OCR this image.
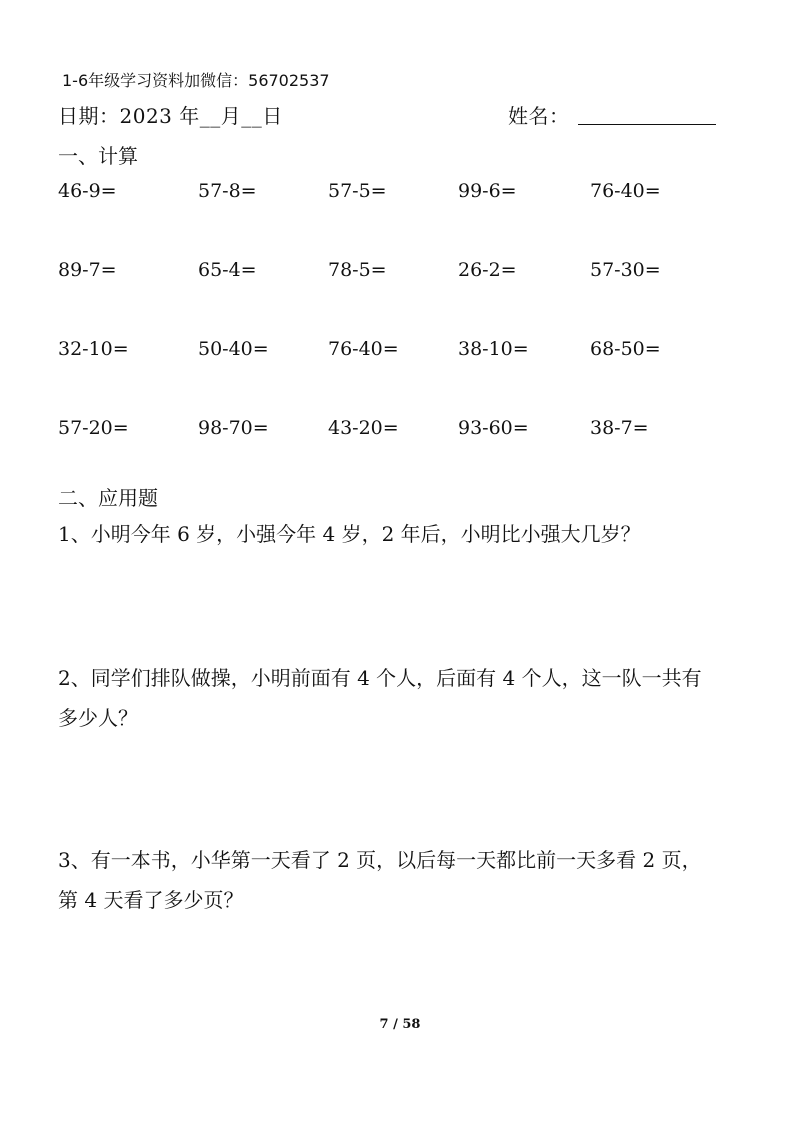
1-6年级学习资料加微信：56702537
日期：2023 年__月__日	姓名：
一、计算
46-9=	57-8=	57-5=	99-6=	76-40=
89-7=	65-4=	78-5=	26-2=	57-30=
32-10=	50-40=	76-40=	38-10=	68-50=
57-20=	98-70=	43-20=	93-60=	38-7=
二、应用题
1、小明今年 6 岁，小强今年 4 岁，2 年后，小明比小强大几岁？
2、同学们排队做操，小明前面有 4 个人，后面有 4 个人，这一队一共有
多少人？
3、有一本书，小华第一天看了 2 页，以后每一天都比前一天多看 2 页，
第 4 天看了多少页？
7 / 58
